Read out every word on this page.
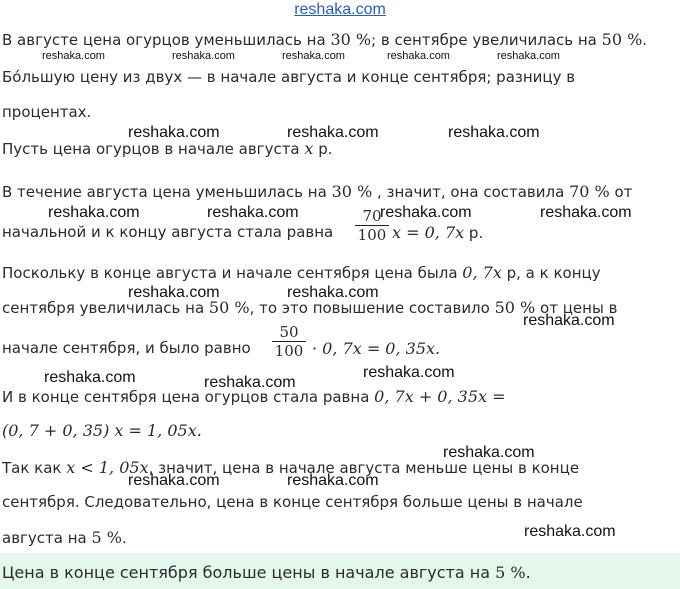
reshaka.com
В августе цена огурцов уменьшилась на 30 %; в сентябре увеличилась на 50 %.
Бóльшую цену из двух — в начале августа и конце сентября; разницу в
процентах.
Пусть цена огурцов в начале августа x р.
В течение августа цена уменьшилась на 30 % , значит, она составила 70 % от
начальной и к концу августа стала равна
70
100 x = 0, 7x р.
Поскольку в конце августа и начале сентября цена была 0, 7x р, а к концу
сентября увеличилась на 50 %, то это повышение составило 50 % от цены в
начале сентября, и было равно
50
100 · 0, 7x = 0, 35x.
И в конце сентября цена огурцов стала равна 0, 7x + 0, 35x =
(0, 7 + 0, 35) x = 1, 05x.
Так как x < 1, 05x, значит, цена в начале августа меньше цены в конце
сентября. Следовательно, цена в конце сентября больше цены в начале
августа на 5 %.
Цена в конце сентября больше цены в начале августа на 5 %.
reshaka.com	reshaka.com	reshaka.com	reshaka.com	reshaka.com
reshaka.com	reshaka.com	reshaka.com
reshaka.com	reshaka.com	reshaka.com	reshaka.com
reshaka.com	reshaka.com
reshaka.com
reshaka.com	reshaka.com
reshaka.com
reshaka.com
reshaka.com	reshaka.com
reshaka.com
